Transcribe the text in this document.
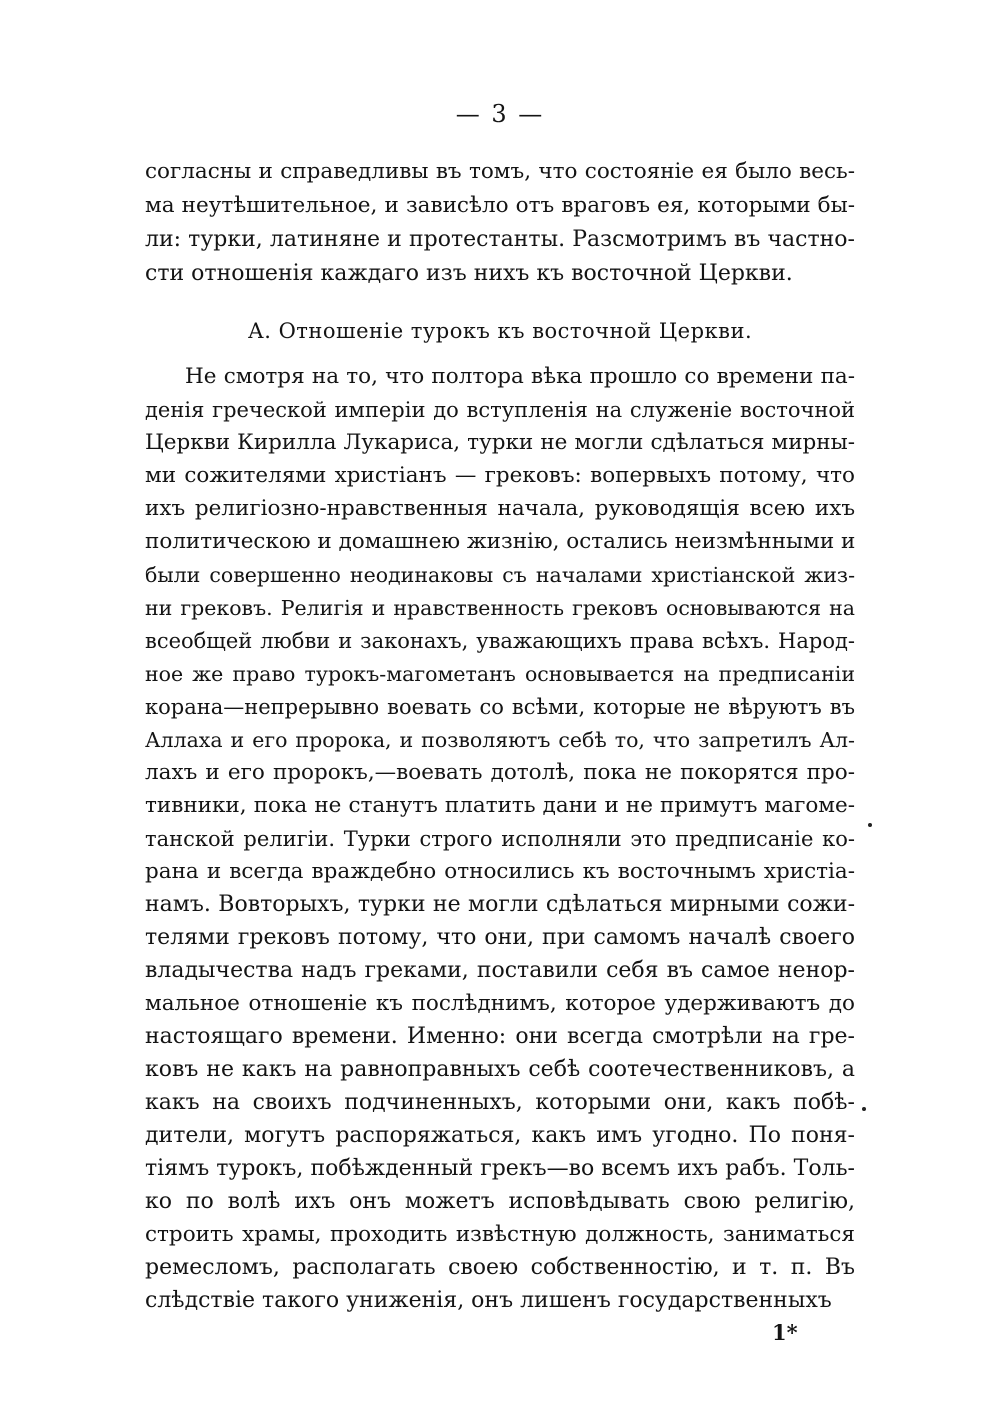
— 3 —
согласны и справедливы въ томъ, что состояніе ея было весь-
ма неутѣшительное, и зависѣло отъ враговъ ея, которыми бы-
ли: турки, латиняне и протестанты. Разсмотримъ въ частно-
сти отношенія каждаго изъ нихъ къ восточной Церкви.
А. Отношеніе турокъ къ восточной Церкви.
Не смотря на то, что полтора вѣка прошло со времени па-
денія греческой имперіи до вступленія на служеніе восточной
Церкви Кирилла Лукариса, турки не могли сдѣлаться мирны-
ми сожителями христіанъ — грековъ: вопервыхъ потому, что
ихъ религіозно-нравственныя начала, руководящія всею ихъ
политическою и домашнею жизнію, остались неизмѣнными и
были совершенно неодинаковы съ началами христіанской жиз-
ни грековъ. Религія и нравственность грековъ основываются на
всеобщей любви и законахъ, уважающихъ права всѣхъ. Народ-
ное же право турокъ-магометанъ основывается на предписаніи
корана—непрерывно воевать со всѣми, которые не вѣруютъ въ
Аллаха и его пророка, и позволяютъ себѣ то, что запретилъ Ал-
лахъ и его пророкъ,—воевать дотолѣ, пока не покорятся про-
тивники, пока не станутъ платить дани и не примутъ магоме-
танской религіи. Турки строго исполняли это предписаніе ко-
рана и всегда враждебно относились къ восточнымъ христіа-
намъ. Вовторыхъ, турки не могли сдѣлаться мирными сожи-
телями грековъ потому, что они, при самомъ началѣ своего
владычества надъ греками, поставили себя въ самое ненор-
мальное отношеніе къ послѣднимъ, которое удерживаютъ до
настоящаго времени. Именно: они всегда смотрѣли на гре-
ковъ не какъ на равноправныхъ себѣ соотечественниковъ, а
какъ на своихъ подчиненныхъ, которыми они, какъ побѣ-
дители, могутъ распоряжаться, какъ имъ угодно. По поня-
тіямъ турокъ, побѣжденный грекъ—во всемъ ихъ рабъ. Толь-
ко по волѣ ихъ онъ можетъ исповѣдывать свою религію,
строить храмы, проходить извѣстную должность, заниматься
ремесломъ, располагать своею собственностію, и т. п. Въ
слѣдствіе такого униженія, онъ лишенъ государственныхъ
1*
